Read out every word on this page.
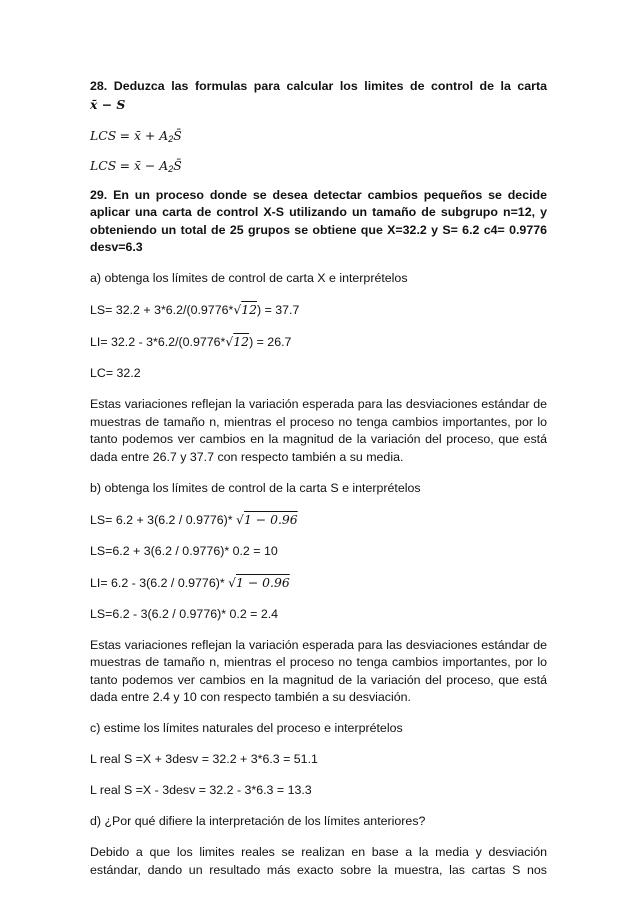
28. Deduzca las formulas para calcular los limites de control de la carta
x̄ − S
LCS = x̄ + $A_2S̄$
LCS = x̄ − $A_2S̄$

29. En un proceso donde se desea detectar cambios pequeños se decide aplicar una carta de control X-S utilizando un tamaño de subgrupo n=12, y obteniendo un total de 25 grupos se obtiene que X=32.2 y S= 6.2 c4= 0.9776 desv=6.3

a) obtenga los límites de control de carta X e interprételos

LS= 32.2 + 3*6.2/(0.9776*√12) = 37.7

LI= 32.2 - 3*6.2/(0.9776*√12) = 26.7

LC= 32.2

Estas variaciones reflejan la variación esperada para las desviaciones estándar de muestras de tamaño n, mientras el proceso no tenga cambios importantes, por lo tanto podemos ver cambios en la magnitud de la variación del proceso, que está dada entre 26.7 y 37.7 con respecto también a su media.

b) obtenga los límites de control de la carta S e interprételos

LS= 6.2 + 3(6.2 / 0.9776)* √1 − 0.96

LS=6.2 + 3(6.2 / 0.9776)* 0.2 = 10

LI= 6.2 - 3(6.2 / 0.9776)* √1 − 0.96

LS=6.2 - 3(6.2 / 0.9776)* 0.2 = 2.4

Estas variaciones reflejan la variación esperada para las desviaciones estándar de muestras de tamaño n, mientras el proceso no tenga cambios importantes, por lo tanto podemos ver cambios en la magnitud de la variación del proceso, que está dada entre 2.4 y 10 con respecto también a su desviación.

c) estime los límites naturales del proceso e interprételos

L real S =X + 3desv = 32.2 + 3*6.3 = 51.1

L real S =X - 3desv = 32.2 - 3*6.3 = 13.3

d) ¿Por qué difiere la interpretación de los límites anteriores?

Debido a que los limites reales se realizan en base a la media y desviación estándar, dando un resultado más exacto sobre la muestra, las cartas S nos
